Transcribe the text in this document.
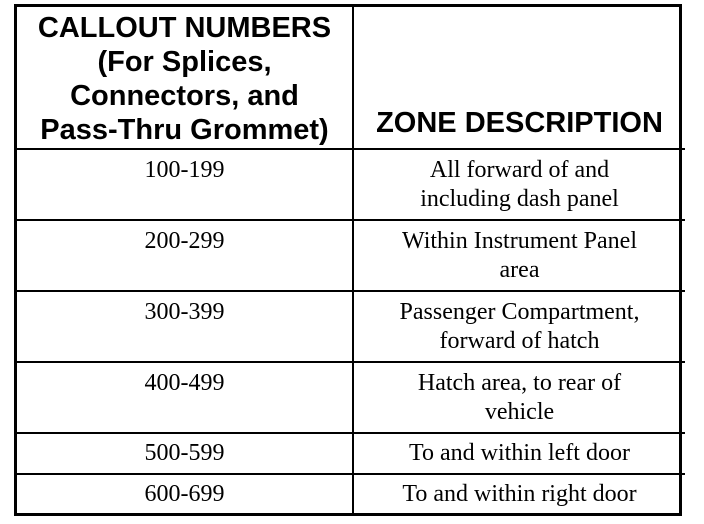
CALLOUT NUMBERS
(For Splices,
Connectors, and
Pass-Thru Grommet)	ZONE DESCRIPTION
100-199	All forward of and
including dash panel
200-299	Within Instrument Panel
area
300-399	Passenger Compartment,
forward of hatch
400-499	Hatch area, to rear of
vehicle
500-599	To and within left door
600-699	To and within right door
